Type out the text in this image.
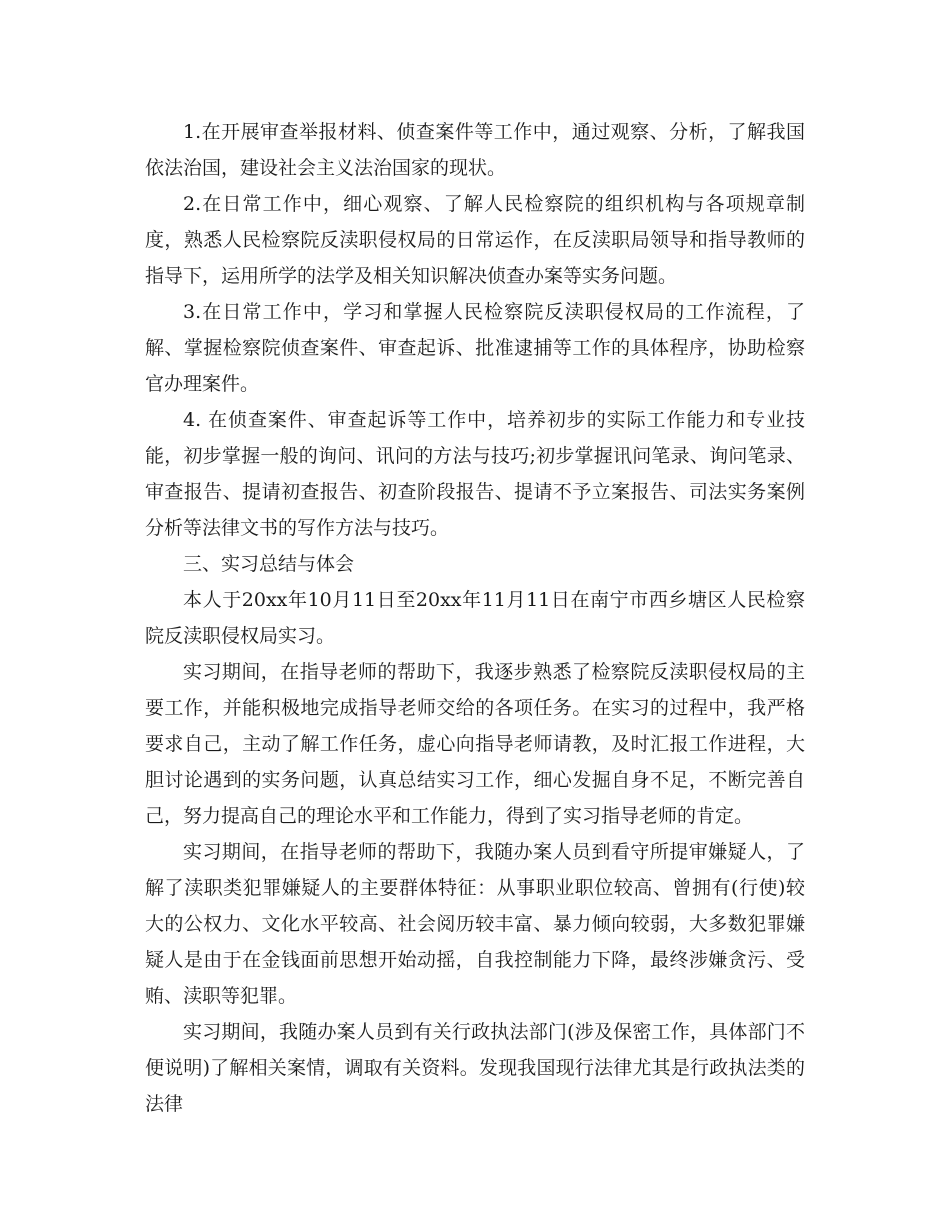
1.在开展审查举报材料、侦查案件等工作中，通过观察、分析，了解我国依法治国，建设社会主义法治国家的现状。

2.在日常工作中，细心观察、了解人民检察院的组织机构与各项规章制度，熟悉人民检察院反渎职侵权局的日常运作，在反渎职局领导和指导教师的指导下，运用所学的法学及相关知识解决侦查办案等实务问题。

3.在日常工作中，学习和掌握人民检察院反渎职侵权局的工作流程，了解、掌握检察院侦查案件、审查起诉、批准逮捕等工作的具体程序，协助检察官办理案件。

4. 在侦查案件、审查起诉等工作中，培养初步的实际工作能力和专业技能，初步掌握一般的询问、讯问的方法与技巧;初步掌握讯问笔录、询问笔录、审查报告、提请初查报告、初查阶段报告、提请不予立案报告、司法实务案例分析等法律文书的写作方法与技巧。

三、实习总结与体会

本人于20xx年10月11日至20xx年11月11日在南宁市西乡塘区人民检察院反渎职侵权局实习。

实习期间，在指导老师的帮助下，我逐步熟悉了检察院反渎职侵权局的主要工作，并能积极地完成指导老师交给的各项任务。在实习的过程中，我严格要求自己，主动了解工作任务，虚心向指导老师请教，及时汇报工作进程，大胆讨论遇到的实务问题，认真总结实习工作，细心发掘自身不足，不断完善自己，努力提高自己的理论水平和工作能力，得到了实习指导老师的肯定。

实习期间，在指导老师的帮助下，我随办案人员到看守所提审嫌疑人，了解了渎职类犯罪嫌疑人的主要群体特征：从事职业职位较高、曾拥有(行使)较大的公权力、文化水平较高、社会阅历较丰富、暴力倾向较弱，大多数犯罪嫌疑人是由于在金钱面前思想开始动摇，自我控制能力下降，最终涉嫌贪污、受贿、渎职等犯罪。

实习期间，我随办案人员到有关行政执法部门(涉及保密工作，具体部门不便说明)了解相关案情，调取有关资料。发现我国现行法律尤其是行政执法类的法律
